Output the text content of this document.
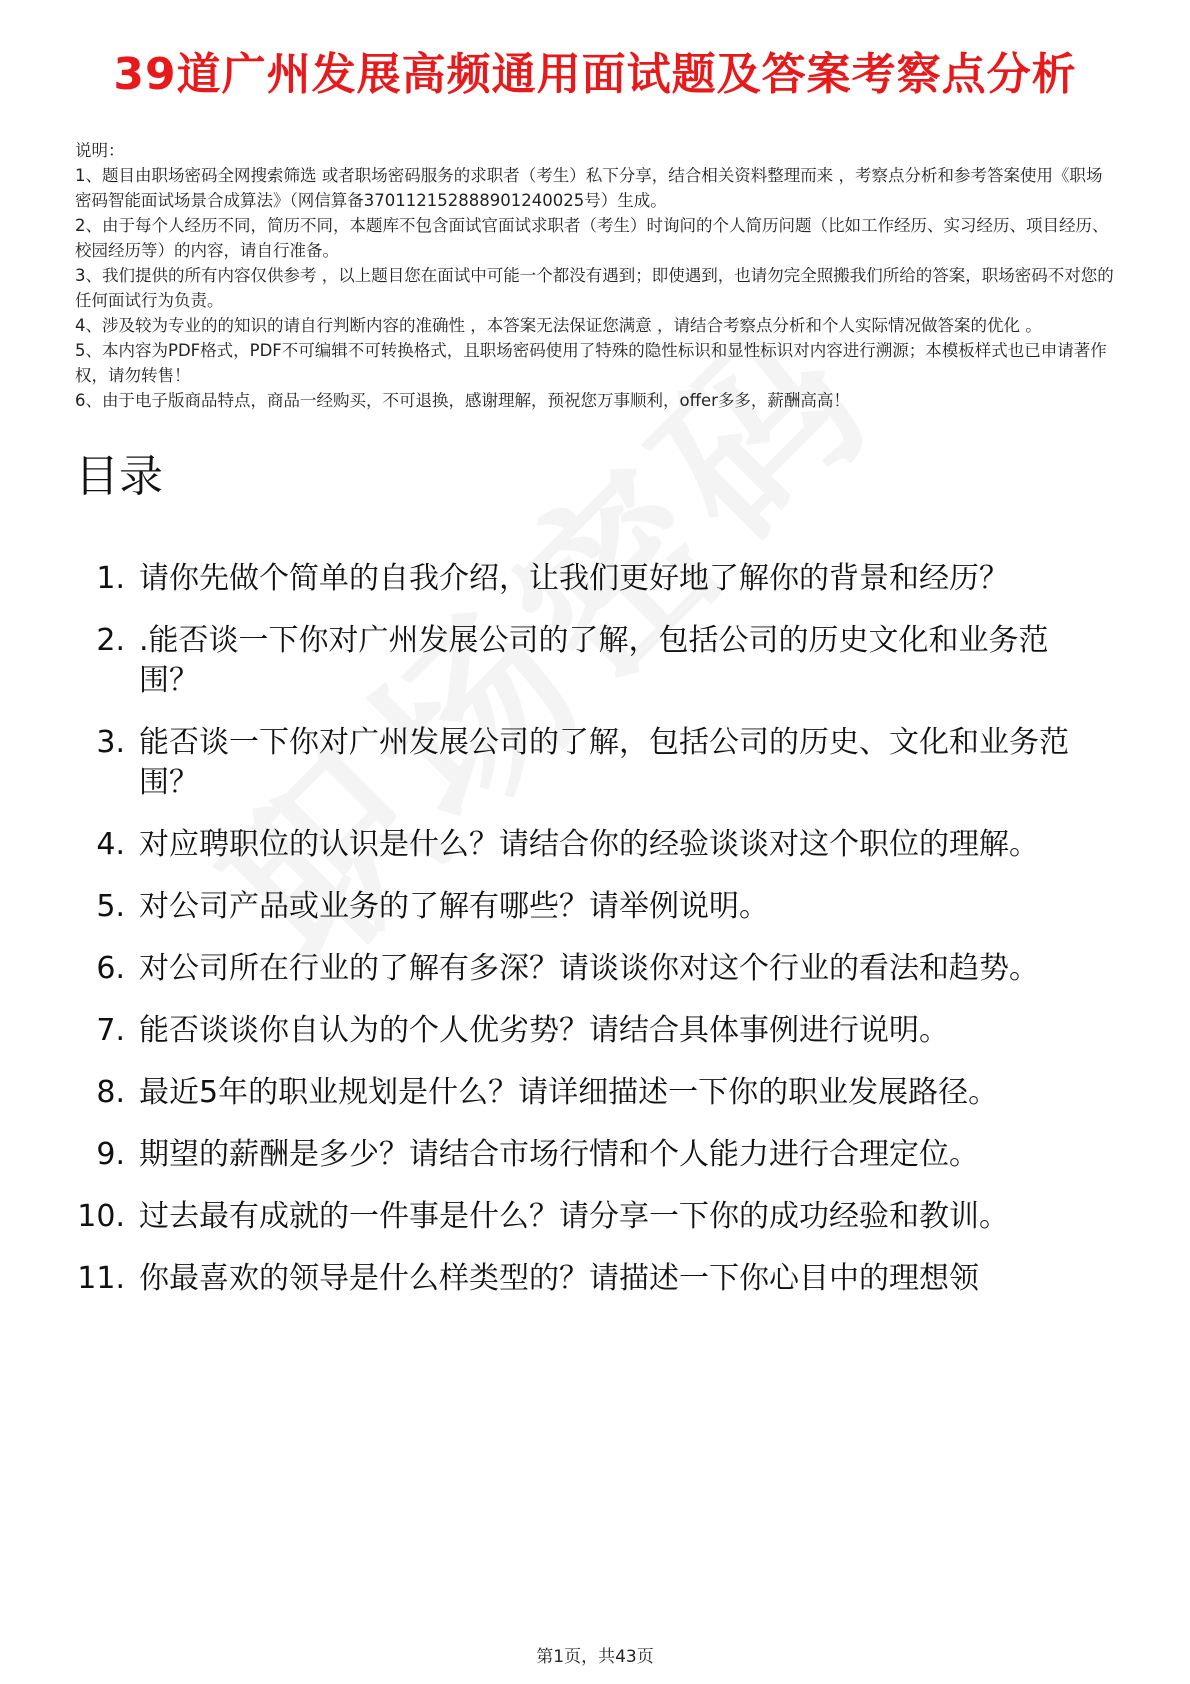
39道广州发展高频通用面试题及答案考察点分析

说明：

1、题目由职场密码全网搜索筛选 或者职场密码服务的求职者（考生）私下分享，结合相关资料整理而来 ，考察点分析和参考答案使用《职场密码智能面试场景合成算法》（网信算备370112152888901240025号）生成。

2、由于每个人经历不同，简历不同，本题库不包含面试官面试求职者（考生）时询问的个人简历问题（比如工作经历、实习经历、项目经历、校园经历等）的内容，请自行准备。

3、我们提供的所有内容仅供参考 ，以上题目您在面试中可能一个都没有遇到；即使遇到，也请勿完全照搬我们所给的答案，职场密码不对您的任何面试行为负责。

4、涉及较为专业的的知识的请自行判断内容的准确性 ，本答案无法保证您满意 ，请结合考察点分析和个人实际情况做答案的优化 。

5、本内容为PDF格式，PDF不可编辑不可转换格式，且职场密码使用了特殊的隐性标识和显性标识对内容进行溯源；本模板样式也已申请著作权，请勿转售！

6、由于电子版商品特点，商品一经购买，不可退换，感谢理解，预祝您万事顺利，offer多多，薪酬高高！

目录
1. 请你先做个简单的自我介绍，让我们更好地了解你的背景和经历？
2. .能否谈一下你对广州发展公司的了解，包括公司的历史文化和业务范围？
3. 能否谈一下你对广州发展公司的了解，包括公司的历史、文化和业务范围？
4. 对应聘职位的认识是什么？请结合你的经验谈谈对这个职位的理解。
5. 对公司产品或业务的了解有哪些？请举例说明。
6. 对公司所在行业的了解有多深？请谈谈你对这个行业的看法和趋势。
7. 能否谈谈你自认为的个人优劣势？请结合具体事例进行说明。
8. 最近5年的职业规划是什么？请详细描述一下你的职业发展路径。
9. 期望的薪酬是多少？请结合市场行情和个人能力进行合理定位。
10. 过去最有成就的一件事是什么？请分享一下你的成功经验和教训。
11. 你最喜欢的领导是什么样类型的？请描述一下你心目中的理想领
第1页，共43页
